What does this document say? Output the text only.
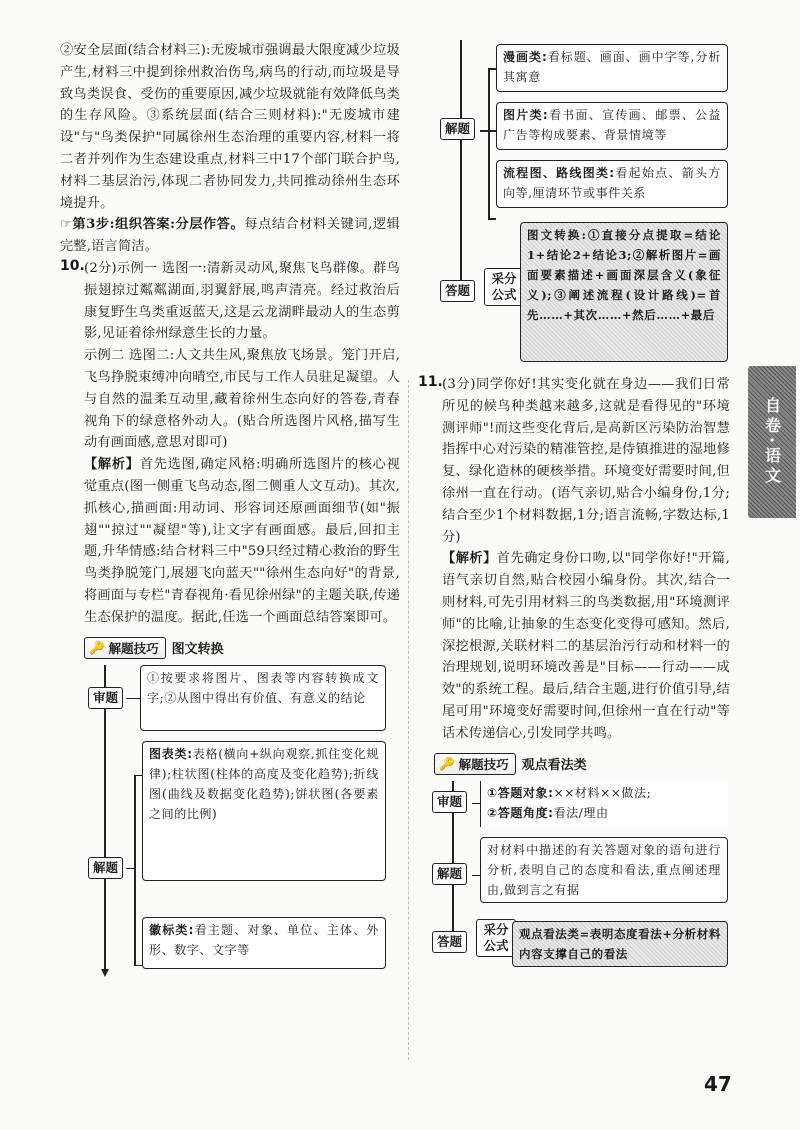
②安全层面(结合材料三):无废城市强调最大限度减少垃圾产生,材料三中提到徐州救治伤鸟,病鸟的行动,而垃圾是导致鸟类误食、受伤的重要原因,减少垃圾就能有效降低鸟类的生存风险。③系统层面(结合三则材料):"无废城市建设"与"鸟类保护"同属徐州生态治理的重要内容,材料一将二者并列作为生态建设重点,材料三中17个部门联合护鸟,材料二基层治污,体现二者协同发力,共同推动徐州生态环境提升。

☞第3步:组织答案:分层作答。每点结合材料关键词,逻辑完整,语言简洁。

10. (2分)示例一 选图一:清新灵动风,聚焦飞鸟群像。群鸟振翅掠过粼粼湖面,羽翼舒展,鸣声清亮。经过救治后康复野生鸟类重返蓝天,这是云龙湖畔最动人的生态剪影,见证着徐州绿意生长的力量。

示例二 选图二:人文共生风,聚焦放飞场景。笼门开启,飞鸟挣脱束缚冲向晴空,市民与工作人员驻足凝望。人与自然的温柔互动里,藏着徐州生态向好的答卷,青春视角下的绿意格外动人。(贴合所选图片风格,描写生动有画面感,意思对即可)

【解析】首先选图,确定风格:明确所选图片的核心视觉重点(图一侧重飞鸟动态,图二侧重人文互动)。其次,抓核心,描画面:用动词、形容词还原画面细节(如"振翅""掠过""凝望"等),让文字有画面感。最后,回扣主题,升华情感:结合材料三中"59只经过精心救治的野生鸟类挣脱笼门,展翅飞向蓝天""徐州生态向好"的背景,将画面与专栏"青春视角·看见徐州绿"的主题关联,传递生态保护的温度。据此,任选一个画面总结答案即可。

🔑 解题技巧 图文转换
审题
①按要求将图片、图表等内容转换成文字;②从图中得出有价值、有意义的结论
解题
图表类:表格(横向+纵向观察,抓住变化规律);柱状图(柱体的高度及变化趋势);折线图(曲线及数据变化趋势);饼状图(各要素之间的比例)
徽标类:看主题、对象、单位、主体、外形、数字、文字等
解题
漫画类:看标题、画面、画中字等,分析其寓意
图片类:看书面、宣传画、邮票、公益广告等构成要素、背景情境等
流程图、路线图类:看起始点、箭头方向等,厘清环节或事件关系
答题
采分公式
图文转换:①直接分点提取=结论1+结论2+结论3;②解析图片=画面要素描述+画面深层含义(象征义);③阐述流程(设计路线)=首先……+其次……+然后……+最后
11. (3分)同学你好!其实变化就在身边——我们日常所见的候鸟种类越来越多,这就是看得见的"环境测评师"!而这些变化背后,是高新区污染防治智慧指挥中心对污染的精准管控,是侍镇推进的湿地修复、绿化造林的硬核举措。环境变好需要时间,但徐州一直在行动。(语气亲切,贴合小编身份,1分;结合至少1个材料数据,1分;语言流畅,字数达标,1分)

【解析】首先确定身份口吻,以"同学你好!"开篇,语气亲切自然,贴合校园小编身份。其次,结合一则材料,可先引用材料三的鸟类数据,用"环境测评师"的比喻,让抽象的生态变化变得可感知。然后,深挖根源,关联材料二的基层治污行动和材料一的治理规划,说明环境改善是"目标——行动——成效"的系统工程。最后,结合主题,进行价值引导,结尾可用"环境变好需要时间,但徐州一直在行动"等话术传递信心,引发同学共鸣。

🔑 解题技巧 观点看法类
审题
①答题对象:××材料××做法;
②答题角度:看法/理由
解题
对材料中描述的有关答题对象的语句进行分析,表明自己的态度和看法,重点阐述理由,做到言之有据
答题
采分公式
观点看法类=表明态度看法+分析材料内容支撑自己的看法
自卷·语文
47
